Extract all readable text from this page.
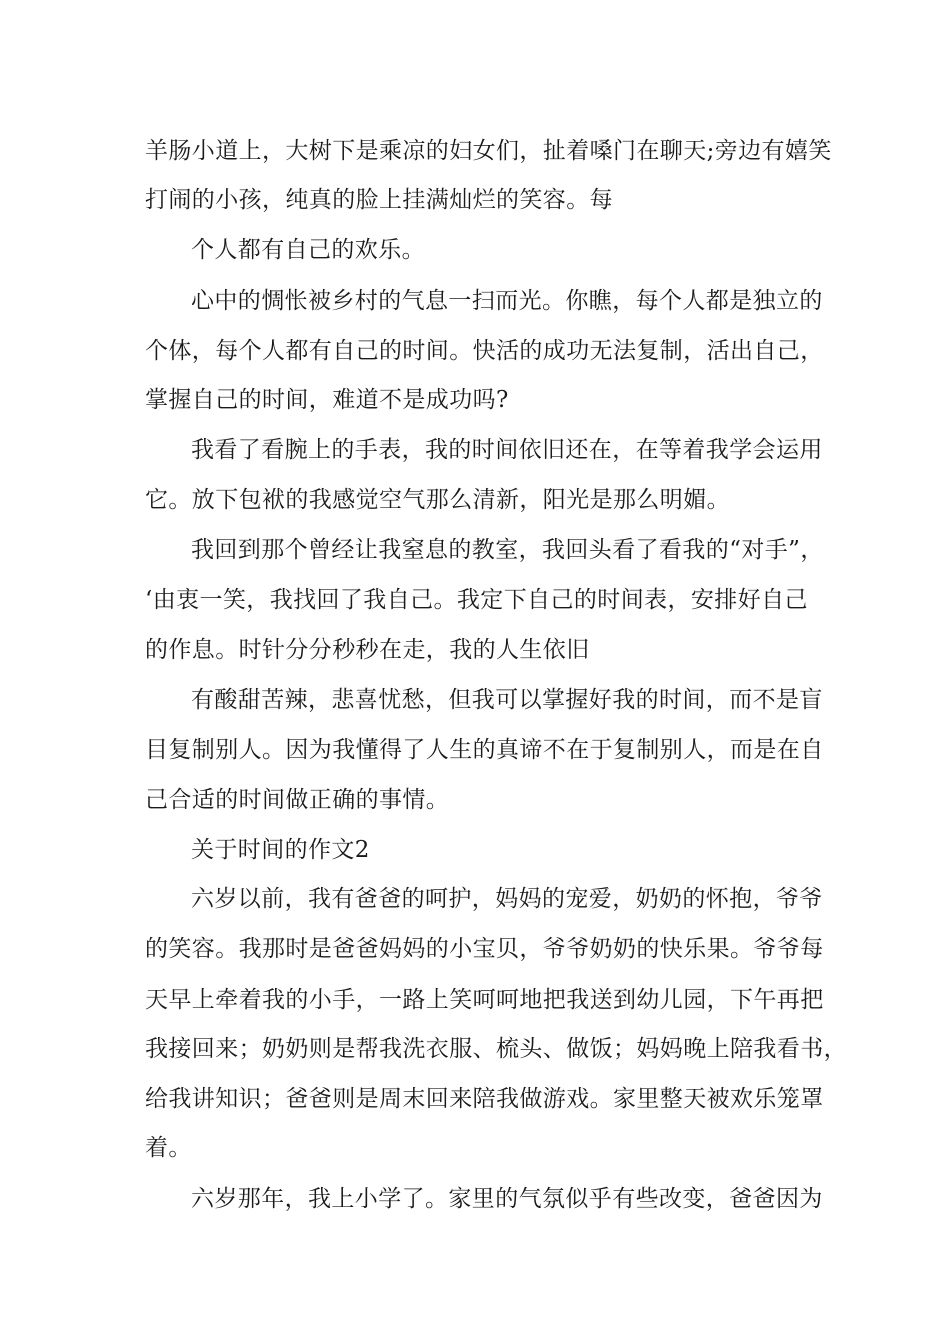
羊肠小道上，大树下是乘凉的妇女们，扯着嗓门在聊天;旁边有嬉笑

打闹的小孩，纯真的脸上挂满灿烂的笑容。每

个人都有自己的欢乐。

心中的惆怅被乡村的气息一扫而光。你瞧，每个人都是独立的

个体，每个人都有自己的时间。快活的成功无法复制，活出自己，

掌握自己的时间，难道不是成功吗?

我看了看腕上的手表，我的时间依旧还在，在等着我学会运用

它。放下包袱的我感觉空气那么清新，阳光是那么明媚。

我回到那个曾经让我窒息的教室，我回头看了看我的“对手”，

‘由衷一笑，我找回了我自己。我定下自己的时间表，安排好自己

的作息。时针分分秒秒在走，我的人生依旧

有酸甜苦辣，悲喜忧愁，但我可以掌握好我的时间，而不是盲

目复制别人。因为我懂得了人生的真谛不在于复制别人，而是在自

己合适的时间做正确的事情。

关于时间的作文2

六岁以前，我有爸爸的呵护，妈妈的宠爱，奶奶的怀抱，爷爷

的笑容。我那时是爸爸妈妈的小宝贝，爷爷奶奶的快乐果。爷爷每

天早上牵着我的小手，一路上笑呵呵地把我送到幼儿园，下午再把

我接回来；奶奶则是帮我洗衣服、梳头、做饭；妈妈晚上陪我看书，

给我讲知识；爸爸则是周末回来陪我做游戏。家里整天被欢乐笼罩

着。

六岁那年，我上小学了。家里的气氛似乎有些改变，爸爸因为
